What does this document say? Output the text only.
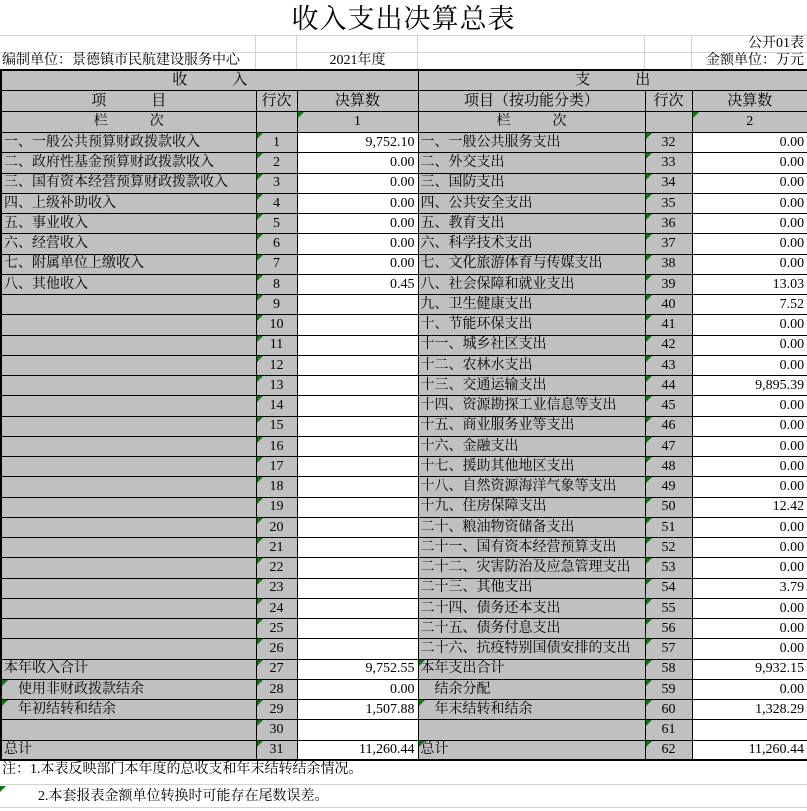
收入支出决算总表
公开01表
编制单位：景德镇市民航建设服务中心	2021年度	金额单位：万元
收　　　入			支　　　出		
项　　　目	行次	决算数	项目（按功能分类）	行次	决算数
栏　　　次		1	栏　　　次		2
一、一般公共预算财政拨款收入	1	9,752.10	一、一般公共服务支出	32	0.00
二、政府性基金预算财政拨款收入	2	0.00	二、外交支出	33	0.00
三、国有资本经营预算财政拨款收入	3	0.00	三、国防支出	34	0.00
四、上级补助收入	4	0.00	四、公共安全支出	35	0.00
五、事业收入	5	0.00	五、教育支出	36	0.00
六、经营收入	6	0.00	六、科学技术支出	37	0.00
七、附属单位上缴收入	7	0.00	七、文化旅游体育与传媒支出	38	0.00
八、其他收入	8	0.45	八、社会保障和就业支出	39	13.03
	9		九、卫生健康支出	40	7.52
	10		十、节能环保支出	41	0.00
	11		十一、城乡社区支出	42	0.00
	12		十二、农林水支出	43	0.00
	13		十三、交通运输支出	44	9,895.39
	14		十四、资源勘探工业信息等支出	45	0.00
	15		十五、商业服务业等支出	46	0.00
	16		十六、金融支出	47	0.00
	17		十七、援助其他地区支出	48	0.00
	18		十八、自然资源海洋气象等支出	49	0.00
	19		十九、住房保障支出	50	12.42
	20		二十、粮油物资储备支出	51	0.00
	21		二十一、国有资本经营预算支出	52	0.00
	22		二十二、灾害防治及应急管理支出	53	0.00
	23		二十三、其他支出	54	3.79
	24		二十四、债务还本支出	55	0.00
	25		二十五、债务付息支出	56	0.00
	26		二十六、抗疫特别国债安排的支出	57	0.00
本年收入合计	27	9,752.55	本年支出合计	58	9,932.15
使用非财政拨款结余	28	0.00	结余分配	59	0.00
年初结转和结余	29	1,507.88	年末结转和结余	60	1,328.29
	30			61	
总计	31	11,260.44	总计	62	11,260.44
注：1.本表反映部门本年度的总收支和年末结转结余情况。
2.本套报表金额单位转换时可能存在尾数误差。
